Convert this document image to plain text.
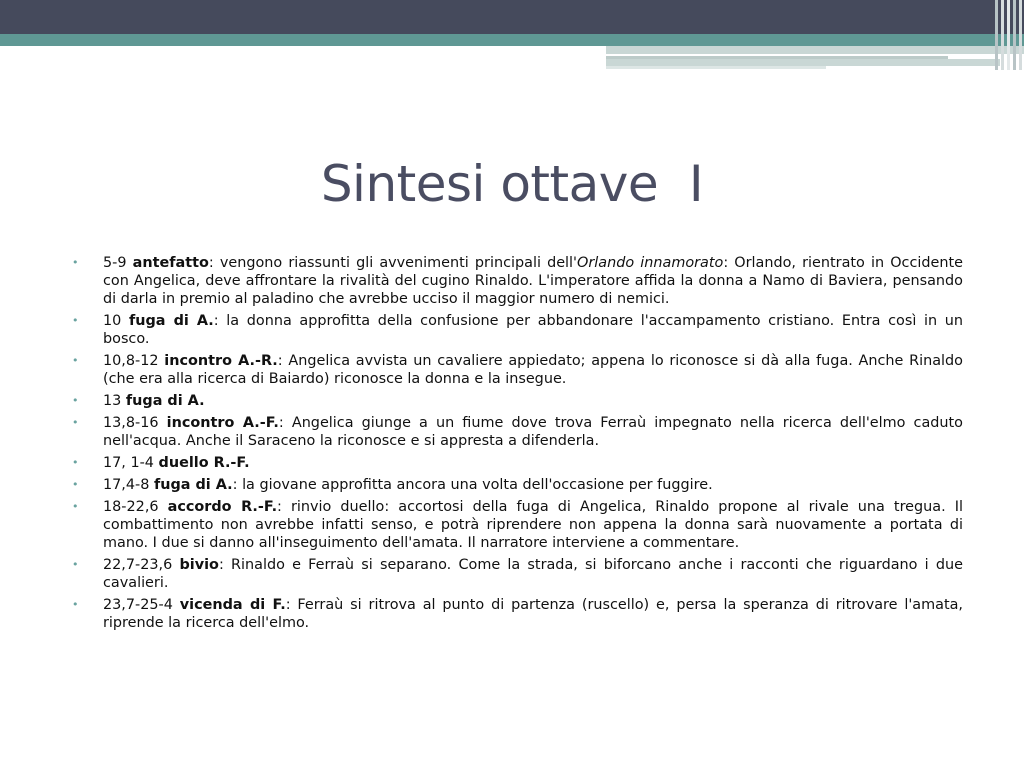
Sintesi ottave  I
• 5-9 antefatto: vengono riassunti gli avvenimenti principali dell'Orlando innamorato: Orlando, rientrato in Occidente con Angelica, deve affrontare la rivalità del cugino Rinaldo. L'imperatore affida la donna a Namo di Baviera, pensando di darla in premio al paladino che avrebbe ucciso il maggior numero di nemici.
• 10 fuga di A.: la donna approfitta della confusione per abbandonare l'accampamento cristiano. Entra così in un bosco.
• 10,8-12 incontro A.-R.: Angelica avvista un cavaliere appiedato; appena lo riconosce si dà alla fuga. Anche Rinaldo (che era alla ricerca di Baiardo) riconosce la donna e la insegue.
• 13 fuga di A.
• 13,8-16 incontro A.-F.: Angelica giunge a un fiume dove trova Ferraù impegnato nella ricerca dell'elmo caduto nell'acqua. Anche il Saraceno la riconosce e si appresta a difenderla.
• 17, 1-4 duello R.-F.
• 17,4-8 fuga di A.: la giovane approfitta ancora una volta dell'occasione per fuggire.
• 18-22,6 accordo R.-F.: rinvio duello: accortosi della fuga di Angelica, Rinaldo propone al rivale una tregua. Il combattimento non avrebbe infatti senso, e potrà riprendere non appena la donna sarà nuovamente a portata di mano. I due si danno all'inseguimento dell'amata. Il narratore interviene a commentare.
• 22,7-23,6 bivio: Rinaldo e Ferraù si separano. Come la strada, si biforcano anche i racconti che riguardano i due cavalieri.
• 23,7-25-4 vicenda di F.: Ferraù si ritrova al punto di partenza (ruscello) e, persa la speranza di ritrovare l'amata, riprende la ricerca dell'elmo.
